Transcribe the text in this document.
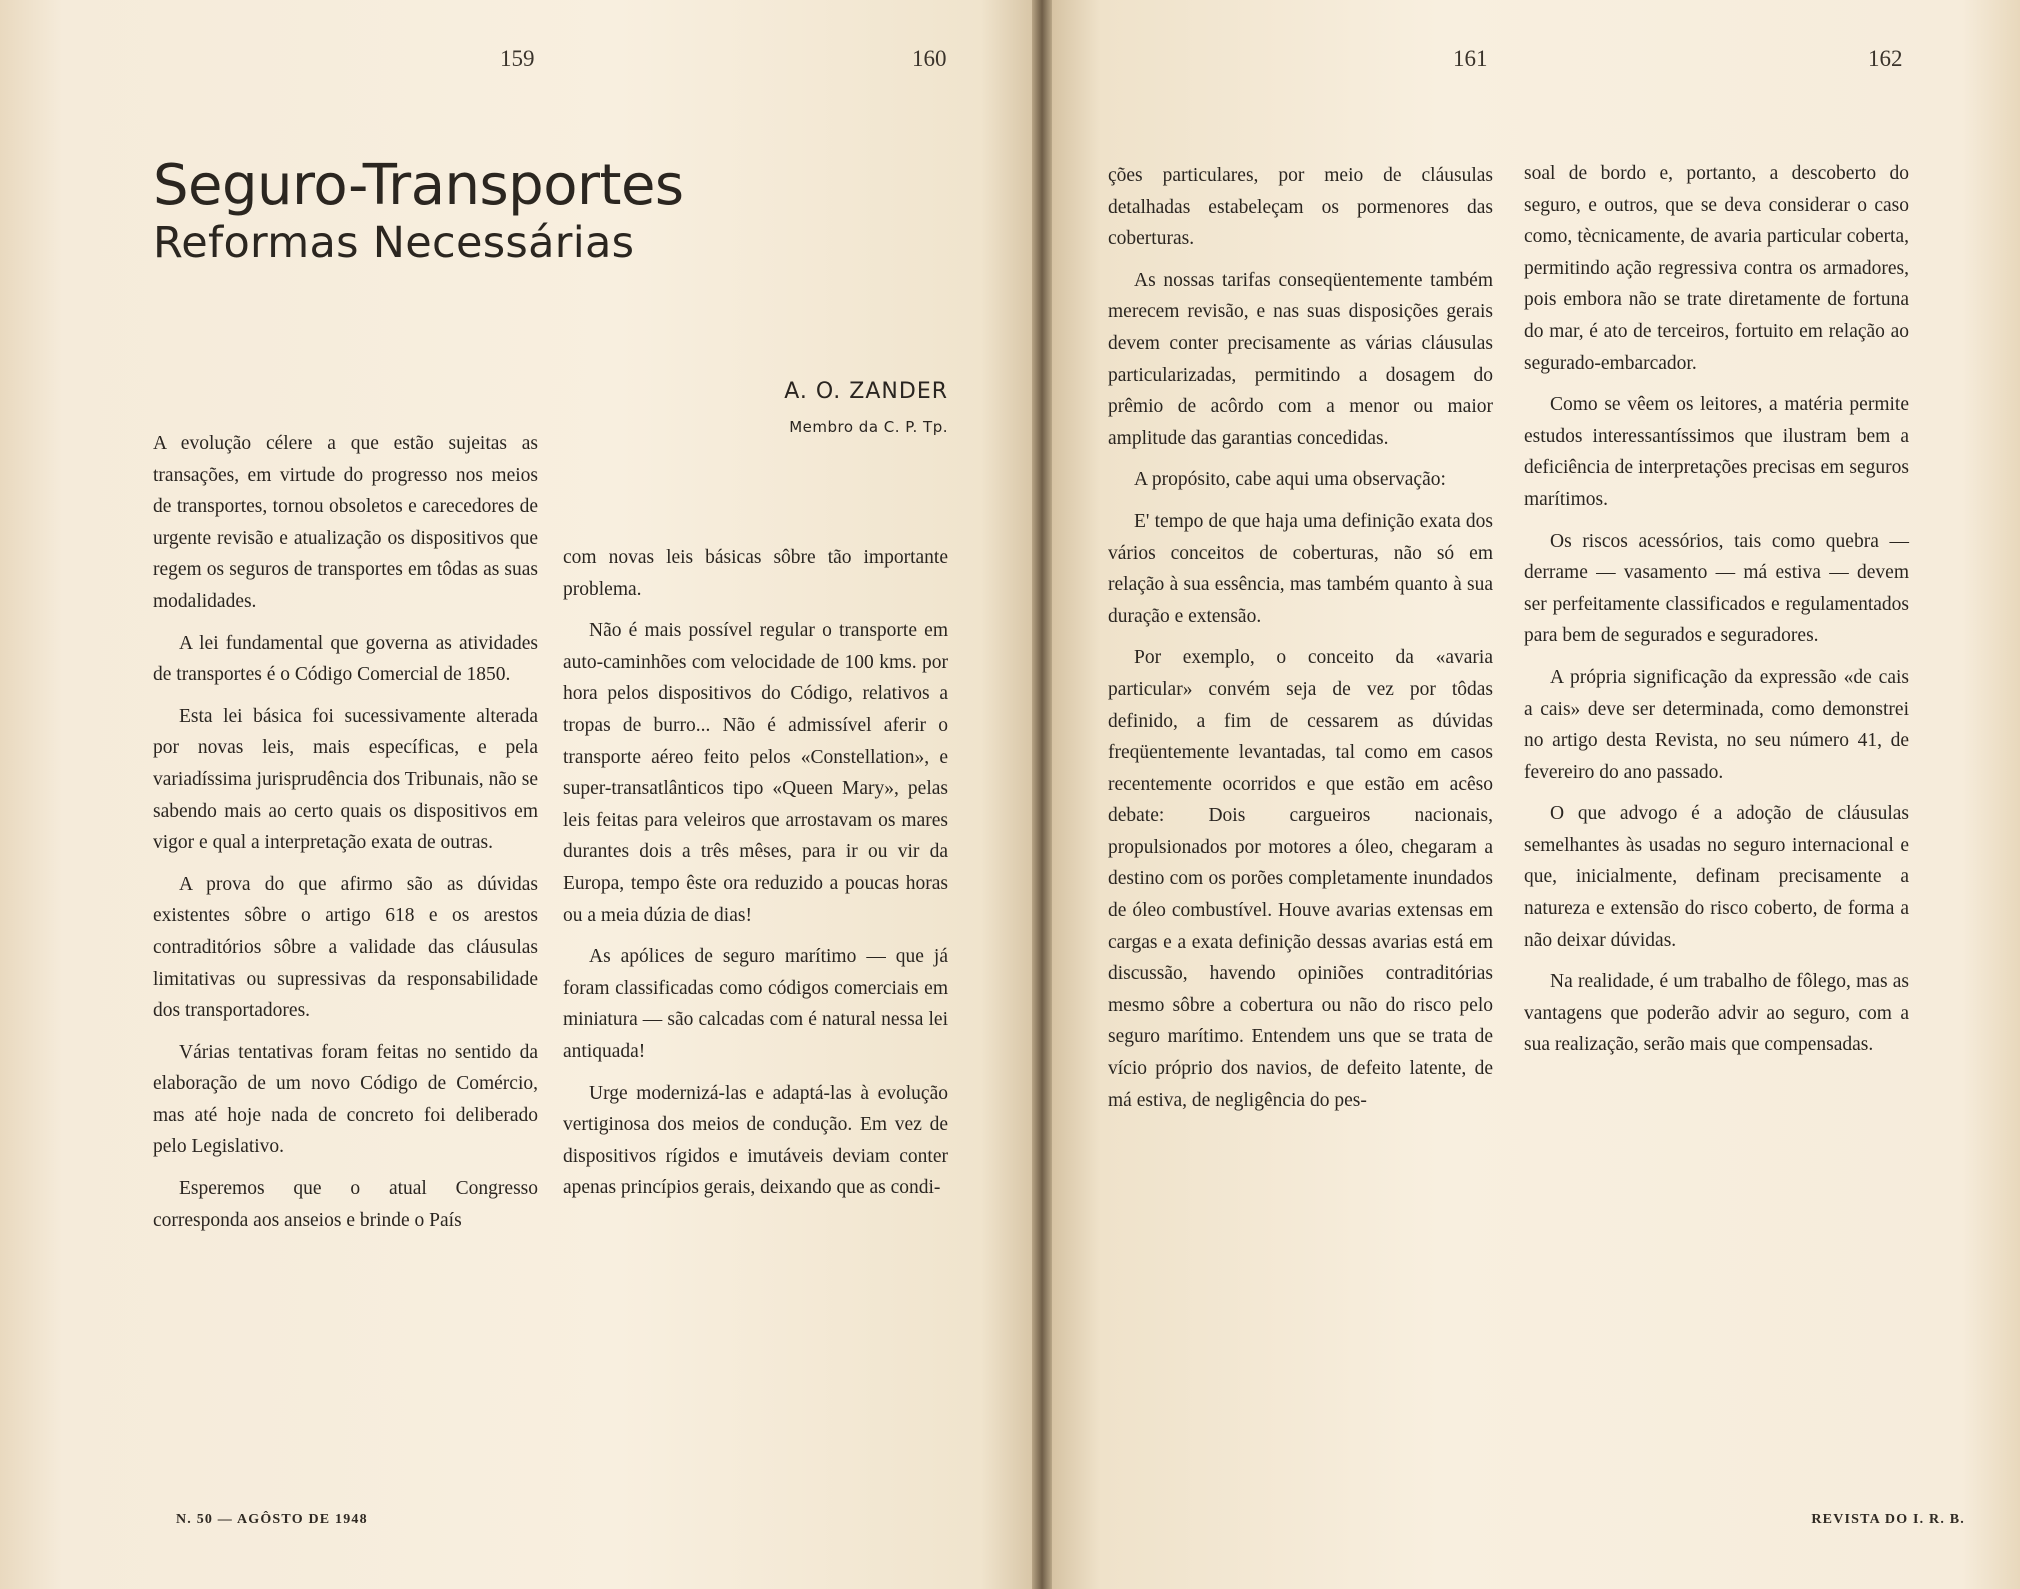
159	160
Seguro-Transportes
Reformas Necessárias

A evolução célere a que estão sujeitas as transações, em virtude do progresso nos meios de transportes, tornou obsoletos e carecedores de urgente revisão e atualização os dispositivos que regem os seguros de transportes em tôdas as suas modalidades.

A lei fundamental que governa as atividades de transportes é o Código Comercial de 1850.

Esta lei básica foi sucessivamente alterada por novas leis, mais específicas, e pela variadíssima jurisprudência dos Tribunais, não se sabendo mais ao certo quais os dispositivos em vigor e qual a interpretação exata de outras.

A prova do que afirmo são as dúvidas existentes sôbre o artigo 618 e os arestos contraditórios sôbre a validade das cláusulas limitativas ou supressivas da responsabilidade dos transportadores.

Várias tentativas foram feitas no sentido da elaboração de um novo Código de Comércio, mas até hoje nada de concreto foi deliberado pelo Legislativo.

Esperemos que o atual Congresso corresponda aos anseios e brinde o País

A. O. ZANDER
Membro da C. P. Tp.

com novas leis básicas sôbre tão importante problema.

Não é mais possível regular o transporte em auto-caminhões com velocidade de 100 kms. por hora pelos dispositivos do Código, relativos a tropas de burro... Não é admissível aferir o transporte aéreo feito pelos «Constellation», e super-transatlânticos tipo «Queen Mary», pelas leis feitas para veleiros que arrostavam os mares durantes dois a três mêses, para ir ou vir da Europa, tempo êste ora reduzido a poucas horas ou a meia dúzia de dias!

As apólices de seguro marítimo — que já foram classificadas como códigos comerciais em miniatura — são calcadas com é natural nessa lei antiquada!

Urge modernizá-las e adaptá-las à evolução vertiginosa dos meios de condução. Em vez de dispositivos rígidos e imutáveis deviam conter apenas princípios gerais, deixando que as condi-

N. 50 — AGÔSTO DE 1948
161	162

ções particulares, por meio de cláusulas detalhadas estabeleçam os pormenores das coberturas.

As nossas tarifas conseqüentemente também merecem revisão, e nas suas disposições gerais devem conter precisamente as várias cláusulas particularizadas, permitindo a dosagem do prêmio de acôrdo com a menor ou maior amplitude das garantias concedidas.

A propósito, cabe aqui uma observação:

E' tempo de que haja uma definição exata dos vários conceitos de coberturas, não só em relação à sua essência, mas também quanto à sua duração e extensão.

Por exemplo, o conceito da «avaria particular» convém seja de vez por tôdas definido, a fim de cessarem as dúvidas freqüentemente levantadas, tal como em casos recentemente ocorridos e que estão em acêso debate: Dois cargueiros nacionais, propulsionados por motores a óleo, chegaram a destino com os porões completamente inundados de óleo combustível. Houve avarias extensas em cargas e a exata definição dessas avarias está em discussão, havendo opiniões contraditórias mesmo sôbre a cobertura ou não do risco pelo seguro marítimo. Entendem uns que se trata de vício próprio dos navios, de defeito latente, de má estiva, de negligência do pes-

soal de bordo e, portanto, a descoberto do seguro, e outros, que se deva considerar o caso como, tècnicamente, de avaria particular coberta, permitindo ação regressiva contra os armadores, pois embora não se trate diretamente de fortuna do mar, é ato de terceiros, fortuito em relação ao segurado-embarcador.

Como se vêem os leitores, a matéria permite estudos interessantíssimos que ilustram bem a deficiência de interpretações precisas em seguros marítimos.

Os riscos acessórios, tais como quebra — derrame — vasamento — má estiva — devem ser perfeitamente classificados e regulamentados para bem de segurados e seguradores.

A própria significação da expressão «de cais a cais» deve ser determinada, como demonstrei no artigo desta Revista, no seu número 41, de fevereiro do ano passado.

O que advogo é a adoção de cláusulas semelhantes às usadas no seguro internacional e que, inicialmente, definam precisamente a natureza e extensão do risco coberto, de forma a não deixar dúvidas.

Na realidade, é um trabalho de fôlego, mas as vantagens que poderão advir ao seguro, com a sua realização, serão mais que compensadas.

REVISTA DO I. R. B.
